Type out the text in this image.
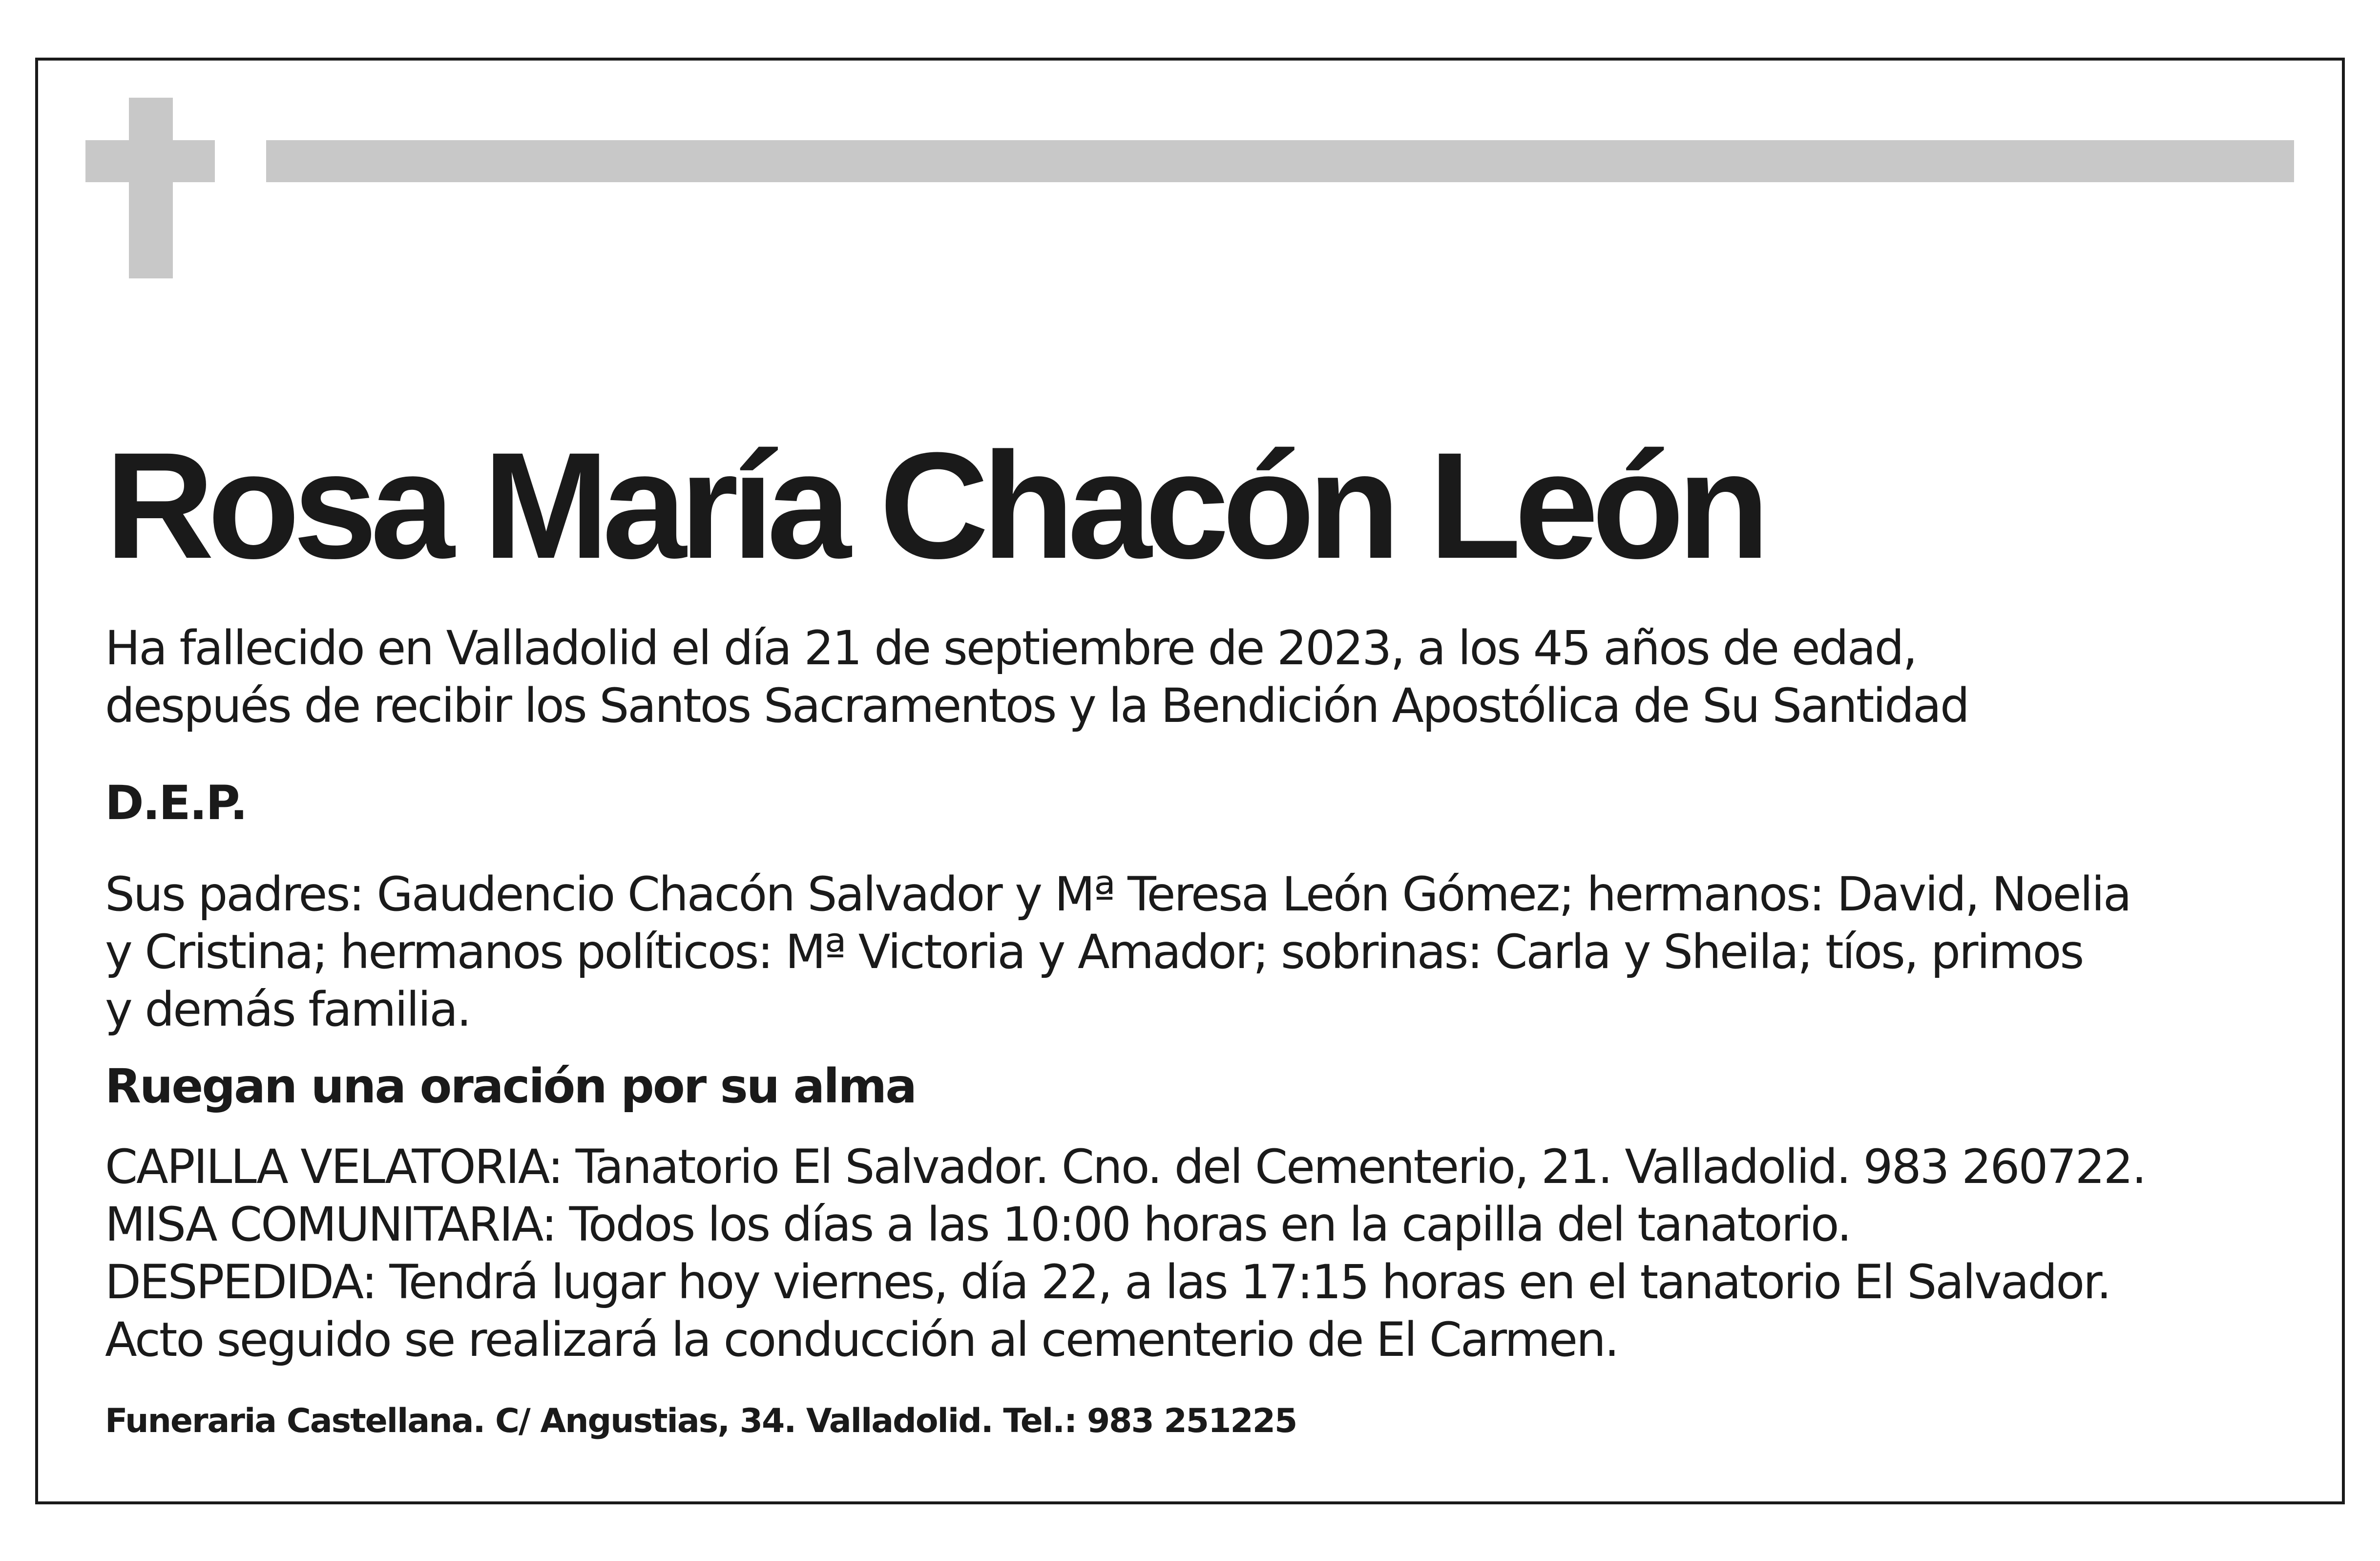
Rosa María Chacón León
Ha fallecido en Valladolid el día 21 de septiembre de 2023, a los 45 años de edad,
después de recibir los Santos Sacramentos y la Bendición Apostólica de Su Santidad
D.E.P.
Sus padres: Gaudencio Chacón Salvador y Mª Teresa León Gómez; hermanos: David, Noelia
y Cristina; hermanos políticos: Mª Victoria y Amador; sobrinas: Carla y Sheila; tíos, primos
y demás familia.
Ruegan una oración por su alma
CAPILLA VELATORIA: Tanatorio El Salvador. Cno. del Cementerio, 21. Valladolid. 983 260722.
MISA COMUNITARIA: Todos los días a las 10:00 horas en la capilla del tanatorio.
DESPEDIDA: Tendrá lugar hoy viernes, día 22, a las 17:15 horas en el tanatorio El Salvador.
Acto seguido se realizará la conducción al cementerio de El Carmen.
Funeraria Castellana. C/ Angustias, 34. Valladolid. Tel.: 983 251225
